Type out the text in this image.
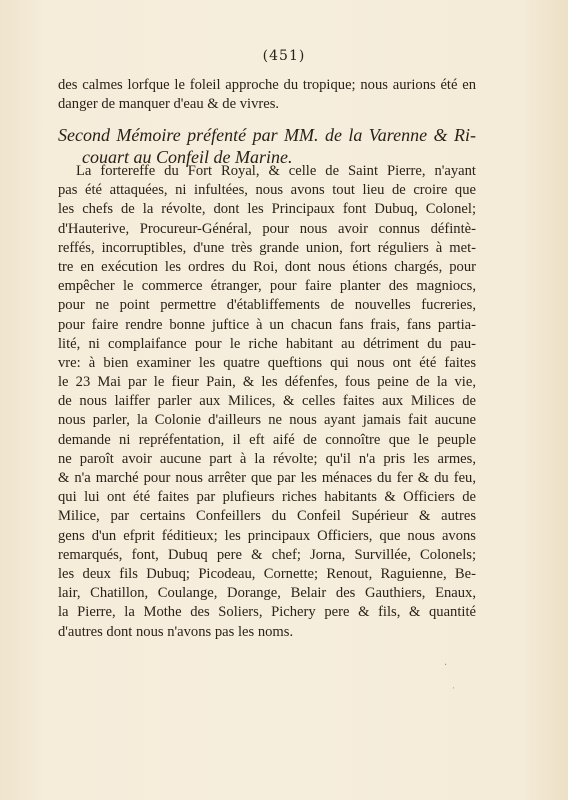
(451)
des calmes lorfque le foleil approche du tropique; nous aurions été en
danger de manquer d'eau & de vivres.
Second Mémoire préfenté par MM. de la Varenne & Ri-
couart au Confeil de Marine.
La fortereffe du Fort Royal, & celle de Saint Pierre, n'ayant
pas été attaquées, ni infultées, nous avons tout lieu de croire que
les chefs de la révolte, dont les Principaux font Dubuq, Colonel;
d'Hauterive, Procureur-Général, pour nous avoir connus défintè-
reffés, incorruptibles, d'une très grande union, fort réguliers à met-
tre en exécution les ordres du Roi, dont nous étions chargés, pour
empêcher le commerce étranger, pour faire planter des magniocs,
pour ne point permettre d'établiffements de nouvelles fucreries,
pour faire rendre bonne juftice à un chacun fans frais, fans partia-
lité, ni complaifance pour le riche habitant au détriment du pau-
vre: à bien examiner les quatre queftions qui nous ont été faites
le 23 Mai par le fieur Pain, & les défenfes, fous peine de la vie,
de nous laiffer parler aux Milices, & celles faites aux Milices de
nous parler, la Colonie d'ailleurs ne nous ayant jamais fait aucune
demande ni repréfentation, il eft aifé de connoître que le peuple
ne paroît avoir aucune part à la révolte; qu'il n'a pris les armes,
& n'a marché pour nous arrêter que par les ménaces du fer & du feu,
qui lui ont été faites par plufieurs riches habitants & Officiers de
Milice, par certains Confeillers du Confeil Supérieur & autres
gens d'un efprit féditieux; les principaux Officiers, que nous avons
remarqués, font, Dubuq pere & chef; Jorna, Survillée, Colonels;
les deux fils Dubuq; Picodeau, Cornette; Renout, Raguienne, Be-
lair, Chatillon, Coulange, Dorange, Belair des Gauthiers, Enaux,
la Pierre, la Mothe des Soliers, Pichery pere & fils, & quantité
d'autres dont nous n'avons pas les noms.
·
·
